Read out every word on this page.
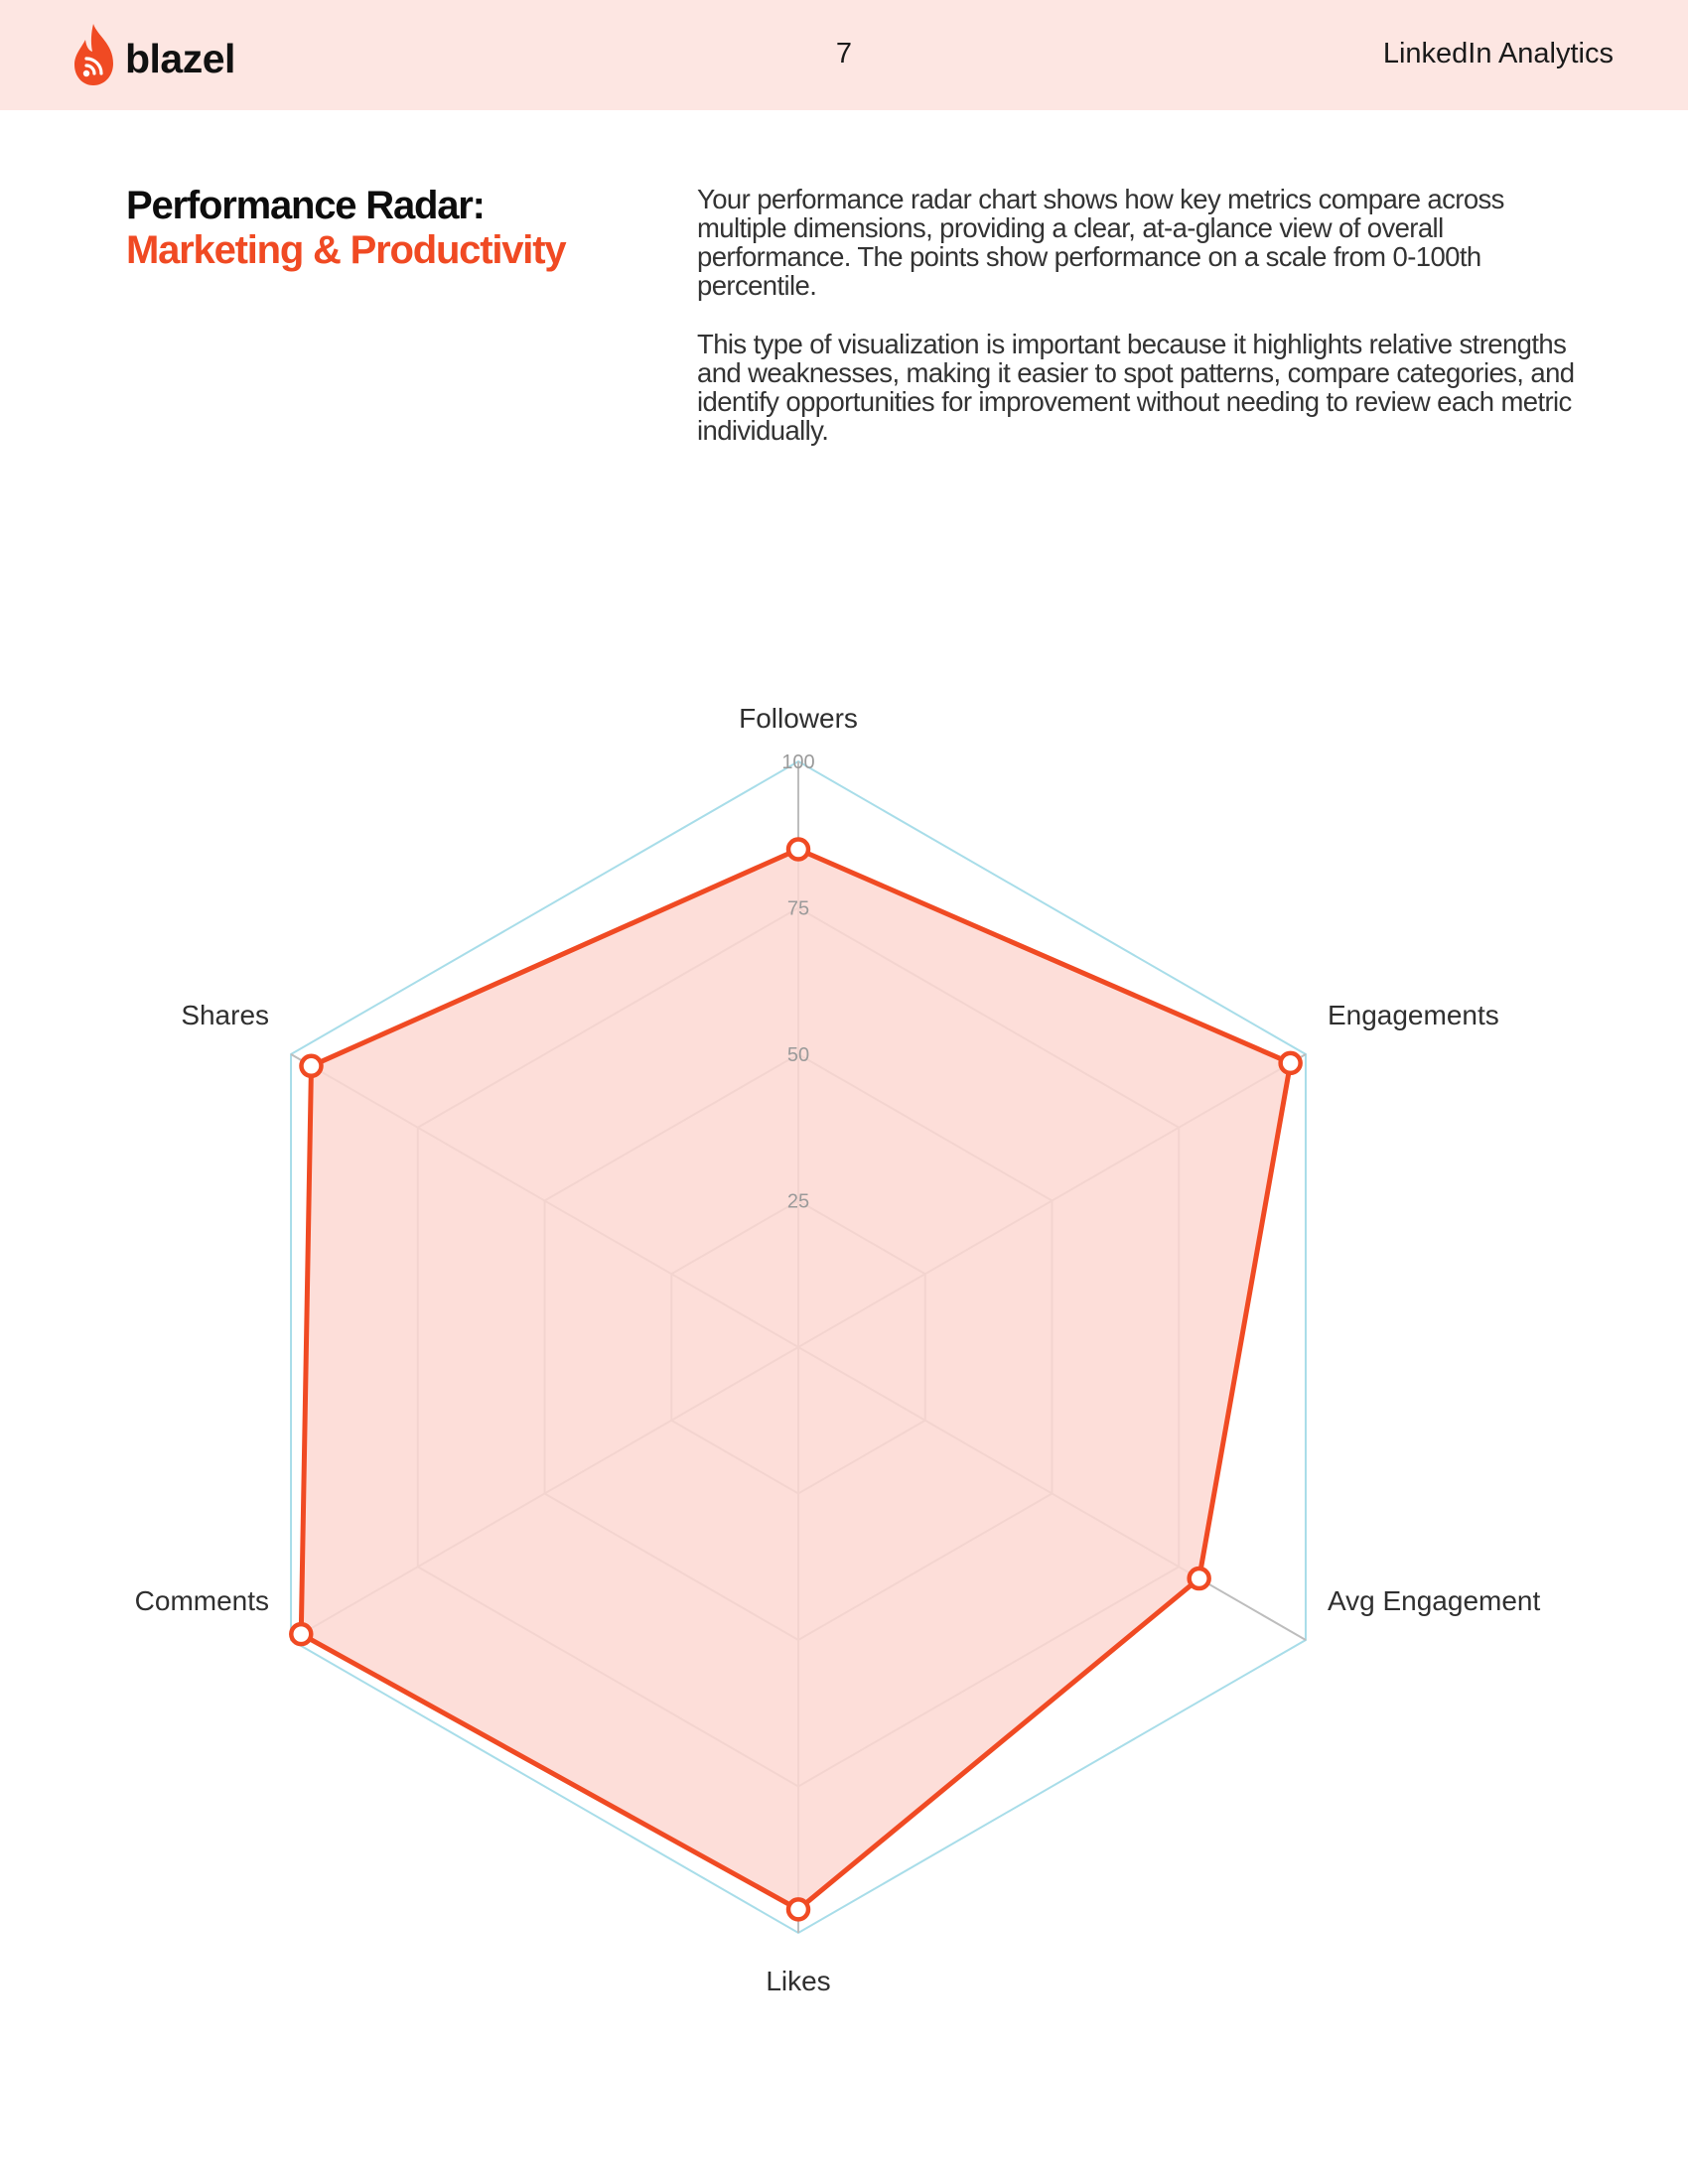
blazel	7	LinkedIn Analytics
Performance Radar:
Marketing & Productivity

Your performance radar chart shows how key metrics compare across multiple dimensions, providing a clear, at-a-glance view of overall performance. The points show performance on a scale from 0-100th percentile.

This type of visualization is important because it highlights relative strengths and weaknesses, making it easier to spot patterns, compare categories, and identify opportunities for improvement without needing to review each metric individually.

25
50
75
100
Followers
Engagements
Avg Engagement
Likes
Comments
Shares
